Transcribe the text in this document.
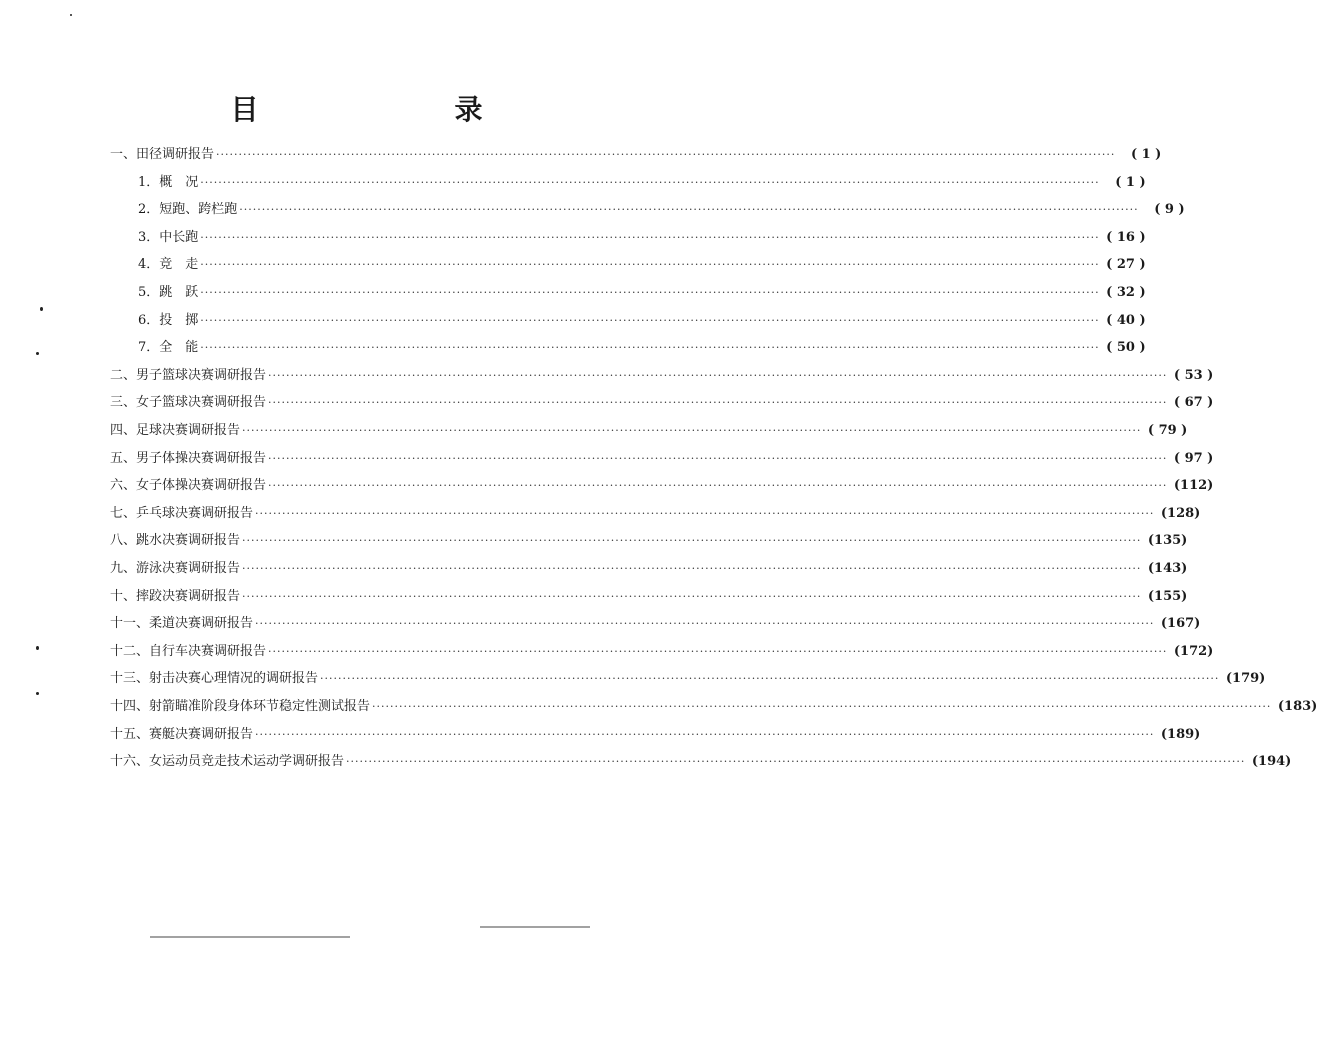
目　录
一、田径调研报告 ········································································································································································································	( 1 )
1．概　况 ········································································································································································································	( 1 )
2．短跑、跨栏跑 ········································································································································································································	( 9 )
3．中长跑 ········································································································································································································ ( 16 )
4．竞　走 ········································································································································································································ ( 27 )
5．跳　跃 ········································································································································································································ ( 32 )
6．投　掷 ········································································································································································································ ( 40 )
7．全　能 ········································································································································································································ ( 50 )
二、男子篮球决赛调研报告 ········································································································································································································ ( 53 )
三、女子篮球决赛调研报告 ········································································································································································································ ( 67 )
四、足球决赛调研报告 ········································································································································································································ ( 79 )
五、男子体操决赛调研报告 ········································································································································································································ ( 97 )
六、女子体操决赛调研报告 ········································································································································································································ (112)
七、乒乓球决赛调研报告 ········································································································································································································ (128)
八、跳水决赛调研报告 ········································································································································································································ (135)
九、游泳决赛调研报告 ········································································································································································································ (143)
十、摔跤决赛调研报告 ········································································································································································································ (155)
十一、柔道决赛调研报告 ········································································································································································································ (167)
十二、自行车决赛调研报告 ········································································································································································································ (172)
十三、射击决赛心理情况的调研报告 ········································································································································································································ (179)
十四、射箭瞄准阶段身体环节稳定性测试报告 ········································································································································································································ (183)
十五、赛艇决赛调研报告 ········································································································································································································ (189)
十六、女运动员竞走技术运动学调研报告 ········································································································································································································ (194)
